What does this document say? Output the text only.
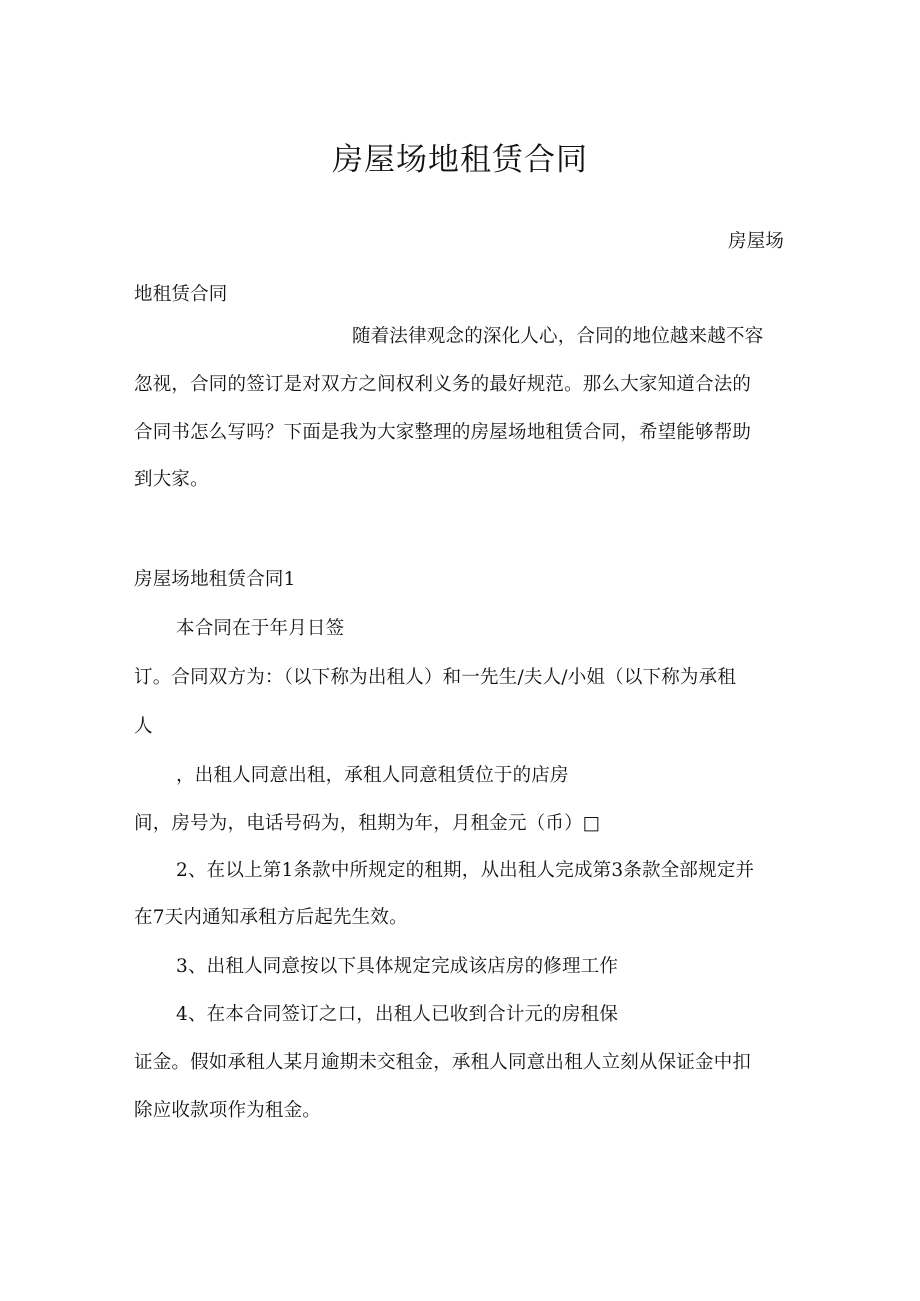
房屋场地租赁合同
房屋场
地租赁合同
随着法律观念的深化人心，合同的地位越来越不容
忽视，合同的签订是对双方之间权利义务的最好规范。那么大家知道合法的
合同书怎么写吗？下面是我为大家整理的房屋场地租赁合同，希望能够帮助
到大家。
房屋场地租赁合同1
本合同在于年月日签
订。合同双方为：（以下称为出租人）和一先生/夫人/小姐（以下称为承租
人
，出租人同意出租，承租人同意租赁位于的店房
间，房号为，电话号码为，租期为年，月租金元（币）□
2、在以上第1条款中所规定的租期，从出租人完成第3条款全部规定并
在7天内通知承租方后起先生效。
3、出租人同意按以下具体规定完成该店房的修理工作
4、在本合同签订之口，出租人已收到合计元的房租保
证金。假如承租人某月逾期未交租金，承租人同意出租人立刻从保证金中扣
除应收款项作为租金。
